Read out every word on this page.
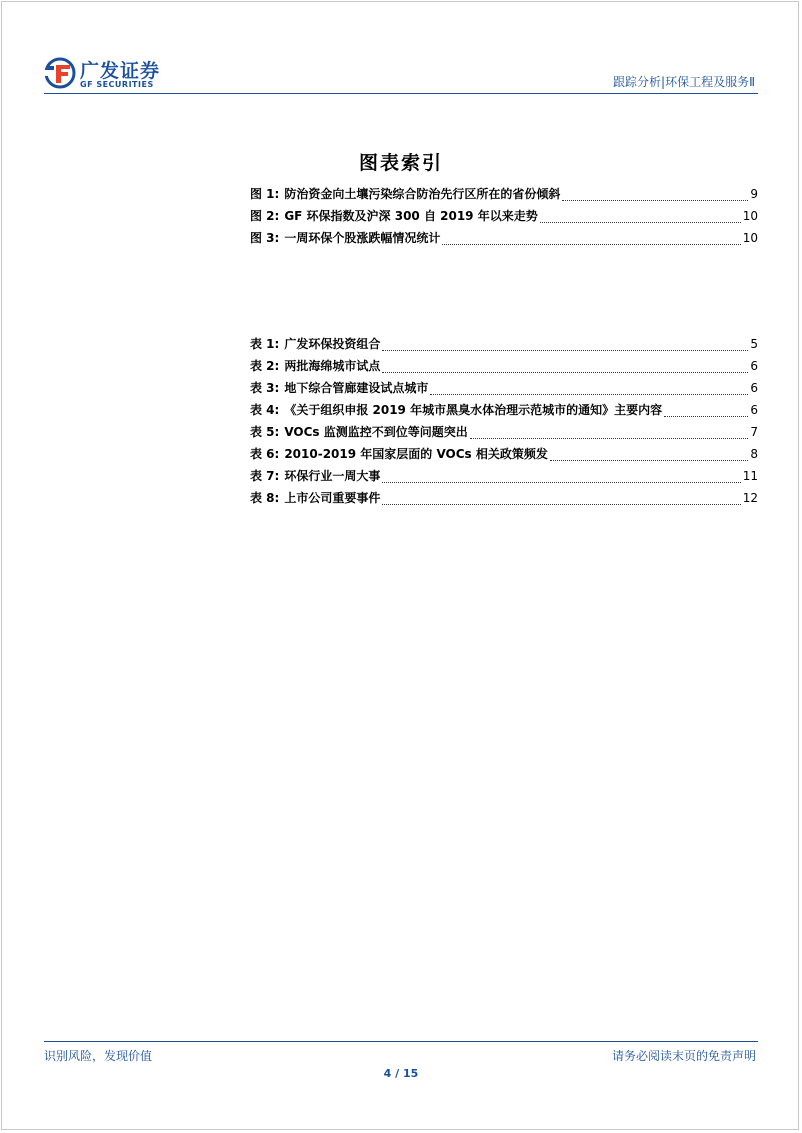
广发证券
GF SECURITIES	跟踪分析|环保工程及服务Ⅱ
图表索引
图 1: 防治资金向土壤污染综合防治先行区所在的省份倾斜	9
图 2: GF 环保指数及沪深 300 自 2019 年以来走势	10
图 3: 一周环保个股涨跌幅情况统计	10
表 1: 广发环保投资组合	5
表 2: 两批海绵城市试点	6
表 3: 地下综合管廊建设试点城市	6
表 4: 《关于组织申报 2019 年城市黑臭水体治理示范城市的通知》主要内容	6
表 5: VOCs 监测监控不到位等问题突出	7
表 6: 2010-2019 年国家层面的 VOCs 相关政策频发	8
表 7: 环保行业一周大事	11
表 8: 上市公司重要事件	12
识别风险，发现价值	请务必阅读末页的免责声明
4 / 15
